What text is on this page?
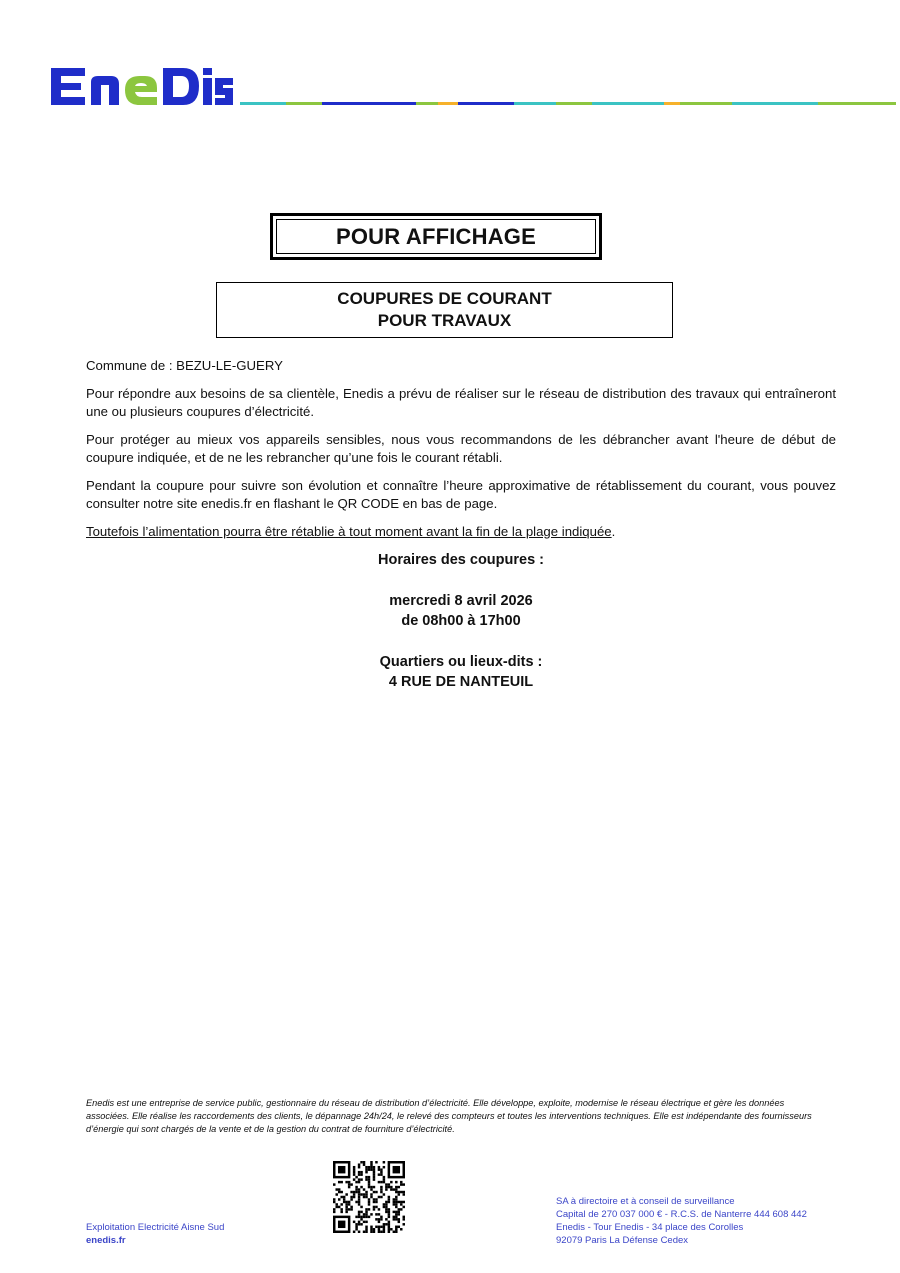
POUR AFFICHAGE
COUPURES DE COURANT
POUR TRAVAUX

Commune de : BEZU-LE-GUERY

Pour répondre aux besoins de sa clientèle, Enedis a prévu de réaliser sur le réseau de distribution des travaux qui entraîneront une ou plusieurs coupures d’électricité.

Pour protéger au mieux vos appareils sensibles, nous vous recommandons de les débrancher avant l'heure de début de coupure indiquée, et de ne les rebrancher qu’une fois le courant rétabli.

Pendant la coupure pour suivre son évolution et connaître l’heure approximative de rétablissement du courant, vous pouvez consulter notre site enedis.fr en flashant le QR CODE en bas de page.

Toutefois l’alimentation pourra être rétablie à tout moment avant la fin de la plage indiquée.

Horaires des coupures :
mercredi 8 avril 2026
de 08h00 à 17h00
Quartiers ou lieux-dits :
4 RUE DE NANTEUIL
Enedis est une entreprise de service public, gestionnaire du réseau de distribution d’électricité. Elle développe, exploite, modernise le réseau électrique et gère les données associées. Elle réalise les raccordements des clients, le dépannage 24h/24, le relevé des compteurs et toutes les interventions techniques. Elle est indépendante des fournisseurs d’énergie qui sont chargés de la vente et de la gestion du contrat de fourniture d’électricité.
Exploitation Electricité Aisne Sud
enedis.fr
SA à directoire et à conseil de surveillance
Capital de 270 037 000 € - R.C.S. de Nanterre 444 608 442
Enedis - Tour Enedis - 34 place des Corolles
92079 Paris La Défense Cedex
